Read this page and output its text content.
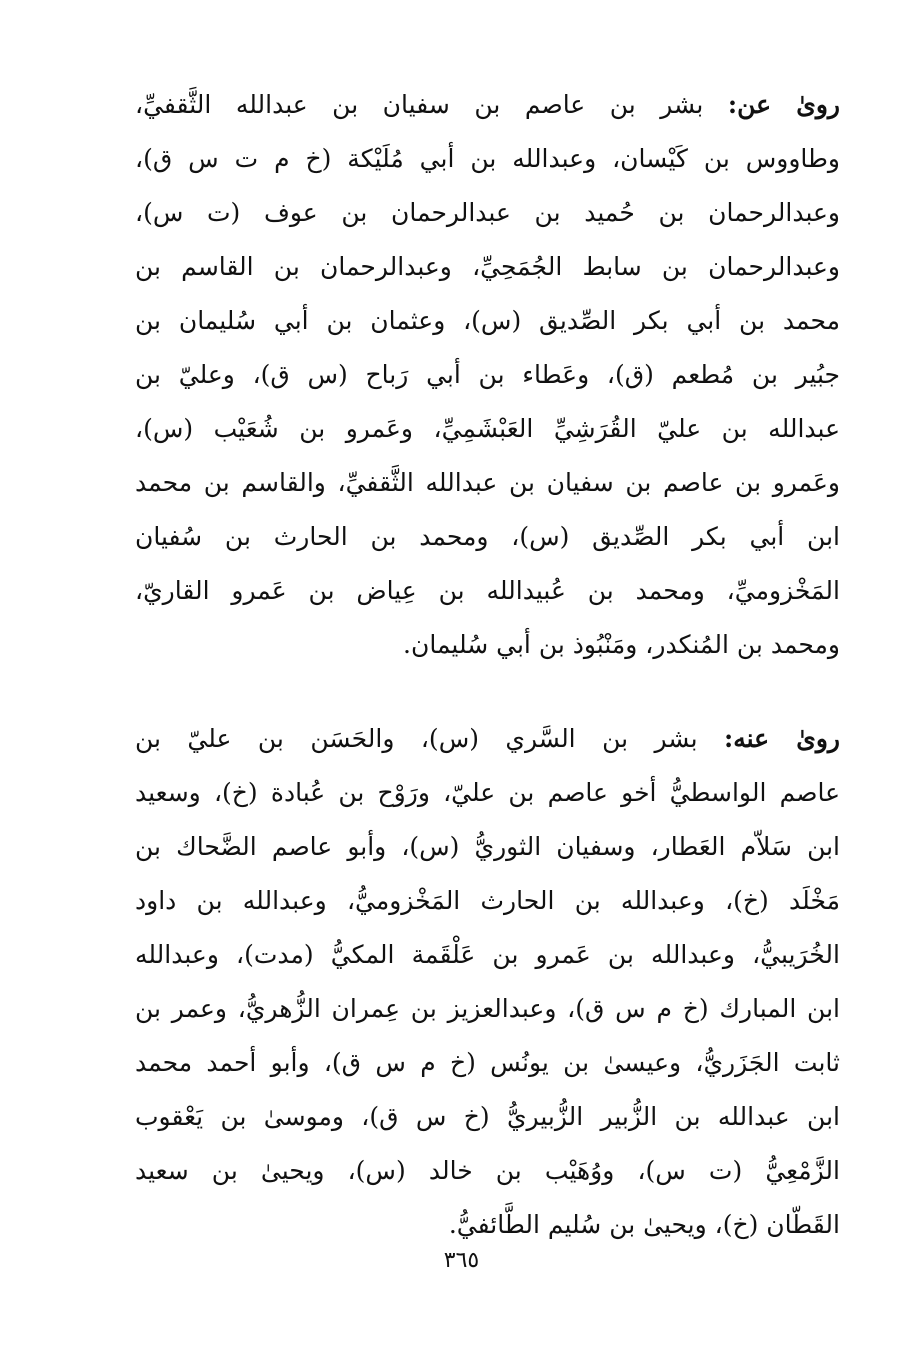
روىٰ عن: بشر بن عاصم بن سفيان بن عبدالله الثَّقفيِّ،
وطاووس بن كَيْسان، وعبدالله بن أبي مُلَيْكة (خ م ت س ق)،
وعبدالرحمان بن حُميد بن عبدالرحمان بن عوف (ت س)،
وعبدالرحمان بن سابط الجُمَحِيِّ، وعبدالرحمان بن القاسم بن
محمد بن أبي بكر الصِّديق (س)، وعثمان بن أبي سُليمان بن
جبُير بن مُطعم (ق)، وعَطاء بن أبي رَباح (س ق)، وعليّ بن
عبدالله بن عليّ القُرَشِيِّ العَبْشَمِيِّ، وعَمرو بن شُعَيْب (س)،
وعَمرو بن عاصم بن سفيان بن عبدالله الثَّقفيِّ، والقاسم بن محمد
ابن أبي بكر الصِّديق (س)، ومحمد بن الحارث بن سُفيان
المَخْزوميِّ، ومحمد بن عُبيدالله بن عِياض بن عَمرو القاريّ،
ومحمد بن المُنكدر، ومَنْبُوذ بن أبي سُليمان.
روىٰ عنه: بشر بن السَّري (س)، والحَسَن بن عليّ بن
عاصم الواسطيُّ أخو عاصم بن عليّ، ورَوْح بن عُبادة (خ)، وسعيد
ابن سَلاّم العَطار، وسفيان الثوريُّ (س)، وأبو عاصم الضَّحاك بن
مَخْلَد (خ)، وعبدالله بن الحارث المَخْزوميُّ، وعبدالله بن داود
الخُرَيبيُّ، وعبدالله بن عَمرو بن عَلْقَمة المكيُّ (مدت)، وعبدالله
ابن المبارك (خ م س ق)، وعبدالعزيز بن عِمران الزُّهريُّ، وعمر بن
ثابت الجَزَريُّ، وعيسىٰ بن يونُس (خ م س ق)، وأبو أحمد محمد
ابن عبدالله بن الزُّبير الزُّبيريُّ (خ س ق)، وموسىٰ بن يَعْقوب
الزَّمْعِيُّ (ت س)، ووُهَيْب بن خالد (س)، ويحيىٰ بن سعيد
القَطّان (خ)، ويحيىٰ بن سُليم الطَّائفيُّ.
٣٦٥
